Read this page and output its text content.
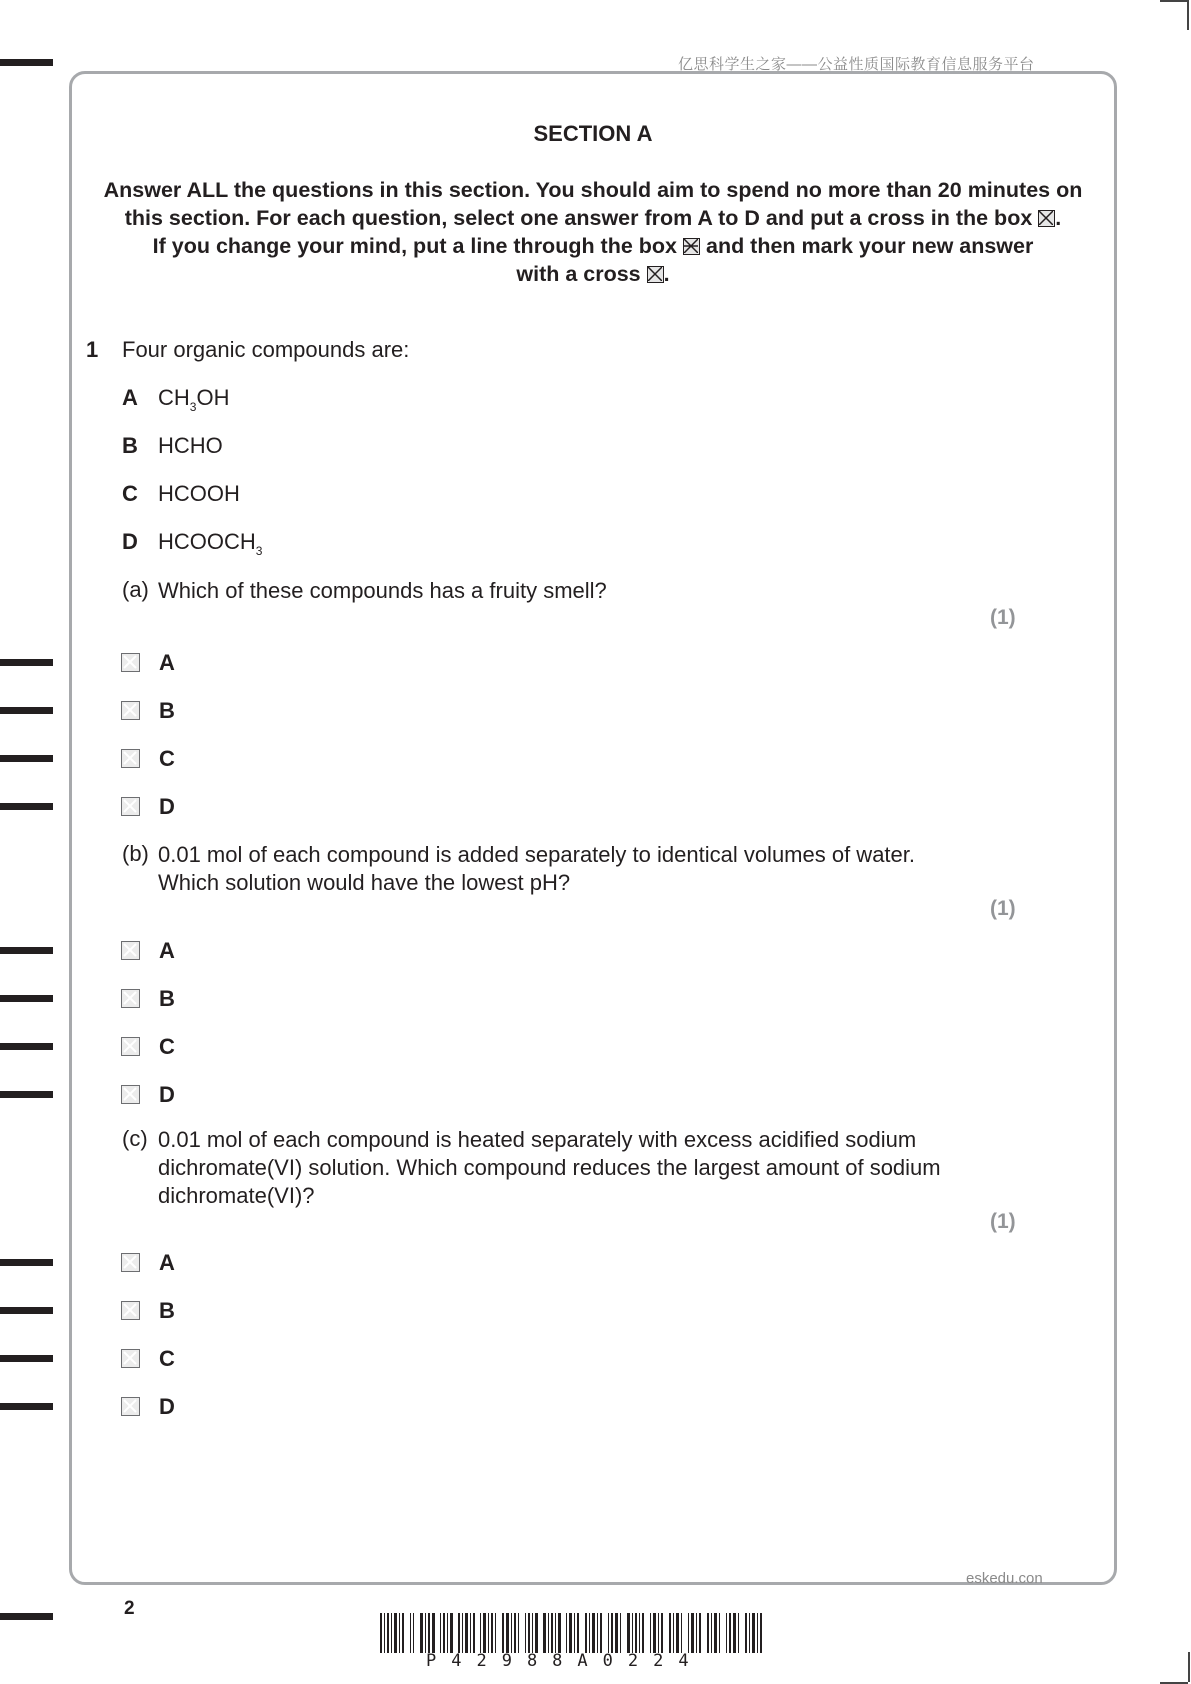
亿思科学生之家——公益性质国际教育信息服务平台
SECTION A
Answer ALL the questions in this section. You should aim to spend no more than 20 minutes on
this section. For each question, select one answer from A to D and put a cross in the box ☒.
If you change your mind, put a line through the box and then mark your new answer
with a cross ☒.
1 Four organic compounds are:
A $CH_3OH$
B HCHO
C HCOOH
D $HCOOCH_3$
(a) Which of these compounds has a fruity smell?
(1)
A
B
C
D
(b) 0.01 mol of each compound is added separately to identical volumes of water.
Which solution would have the lowest pH?
(1)
A
B
C
D
(c) 0.01 mol of each compound is heated separately with excess acidified sodium
dichromate(VI) solution. Which compound reduces the largest amount of sodium
dichromate(VI)?
(1)
A
B
C
D
eskedu.con
2
P42988A0224
